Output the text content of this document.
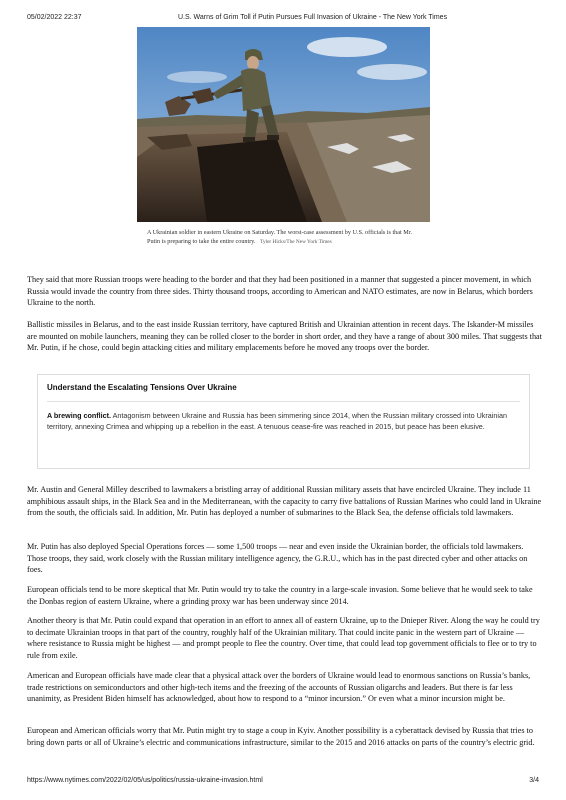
05/02/2022 22:37	U.S. Warns of Grim Toll if Putin Pursues Full Invasion of Ukraine - The New York Times
A Ukrainian soldier in eastern Ukraine on Saturday. The worst-case assessment by U.S. officials is that Mr. Putin is preparing to take the entire country. Tyler Hicks/The New York Times

They said that more Russian troops were heading to the border and that they had been positioned in a manner that suggested a pincer movement, in which Russia would invade the country from three sides. Thirty thousand troops, according to American and NATO estimates, are now in Belarus, which borders Ukraine to the north.

Ballistic missiles in Belarus, and to the east inside Russian territory, have captured British and Ukrainian attention in recent days. The Iskander-M missiles are mounted on mobile launchers, meaning they can be rolled closer to the border in short order, and they have a range of about 300 miles. That suggests that Mr. Putin, if he chose, could begin attacking cities and military emplacements before he moved any troops over the border.

Understand the Escalating Tensions Over Ukraine

A brewing conflict. Antagonism between Ukraine and Russia has been simmering since 2014, when the Russian military crossed into Ukrainian territory, annexing Crimea and whipping up a rebellion in the east. A tenuous cease-fire was reached in 2015, but peace has been elusive.

Mr. Austin and General Milley described to lawmakers a bristling array of additional Russian military assets that have encircled Ukraine. They include 11 amphibious assault ships, in the Black Sea and in the Mediterranean, with the capacity to carry five battalions of Russian Marines who could land in Ukraine from the south, the officials said. In addition, Mr. Putin has deployed a number of submarines to the Black Sea, the defense officials told lawmakers.

Mr. Putin has also deployed Special Operations forces — some 1,500 troops — near and even inside the Ukrainian border, the officials told lawmakers. Those troops, they said, work closely with the Russian military intelligence agency, the G.R.U., which has in the past directed cyber and other attacks on foes.

European officials tend to be more skeptical that Mr. Putin would try to take the country in a large-scale invasion. Some believe that he would seek to take the Donbas region of eastern Ukraine, where a grinding proxy war has been underway since 2014.

Another theory is that Mr. Putin could expand that operation in an effort to annex all of eastern Ukraine, up to the Dnieper River. Along the way he could try to decimate Ukrainian troops in that part of the country, roughly half of the Ukrainian military. That could incite panic in the western part of Ukraine — where resistance to Russia might be highest — and prompt people to flee the country. Over time, that could lead top government officials to flee or to try to rule from exile.

American and European officials have made clear that a physical attack over the borders of Ukraine would lead to enormous sanctions on Russia’s banks, trade restrictions on semiconductors and other high-tech items and the freezing of the accounts of Russian oligarchs and leaders. But there is far less unanimity, as President Biden himself has acknowledged, about how to respond to a “minor incursion.” Or even what a minor incursion might be.

European and American officials worry that Mr. Putin might try to stage a coup in Kyiv. Another possibility is a cyberattack devised by Russia that tries to bring down parts or all of Ukraine’s electric and communications infrastructure, similar to the 2015 and 2016 attacks on parts of the country’s electric grid.

https://www.nytimes.com/2022/02/05/us/politics/russia-ukraine-invasion.html	3/4
